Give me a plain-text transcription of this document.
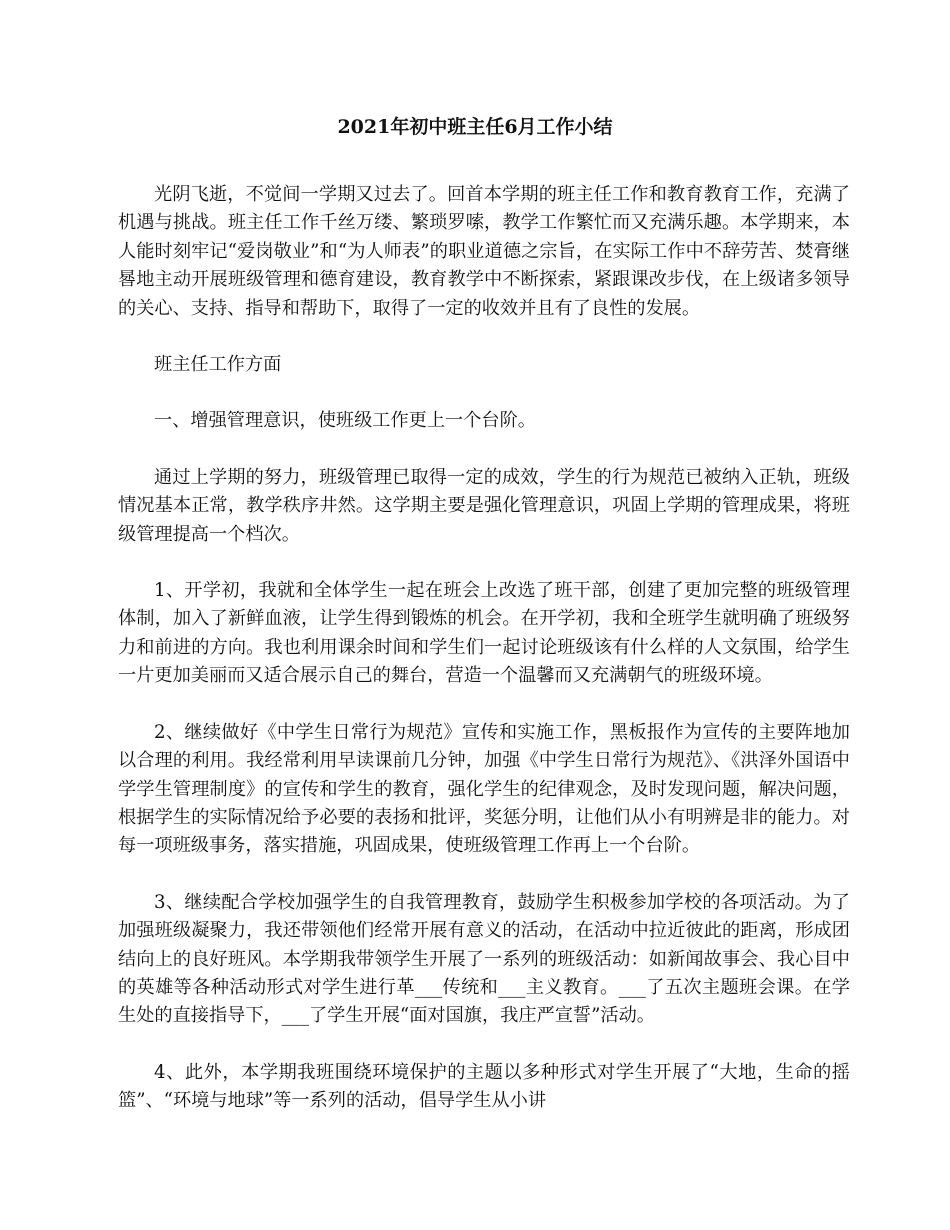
2021年初中班主任6月工作小结

光阴飞逝，不觉间一学期又过去了。回首本学期的班主任工作和教育教育工作，充满了机遇与挑战。班主任工作千丝万缕、繁琐罗嗦，教学工作繁忙而又充满乐趣。本学期来，本人能时刻牢记“爱岗敬业”和“为人师表”的职业道德之宗旨，在实际工作中不辞劳苦、焚膏继晷地主动开展班级管理和德育建设，教育教学中不断探索，紧跟课改步伐，在上级诸多领导的关心、支持、指导和帮助下，取得了一定的收效并且有了良性的发展。

班主任工作方面

一、增强管理意识，使班级工作更上一个台阶。

通过上学期的努力，班级管理已取得一定的成效，学生的行为规范已被纳入正轨，班级情况基本正常，教学秩序井然。这学期主要是强化管理意识，巩固上学期的管理成果，将班级管理提高一个档次。

1、开学初，我就和全体学生一起在班会上改选了班干部，创建了更加完整的班级管理体制，加入了新鲜血液，让学生得到锻炼的机会。在开学初，我和全班学生就明确了班级努力和前进的方向。我也利用课余时间和学生们一起讨论班级该有什么样的人文氛围，给学生一片更加美丽而又适合展示自己的舞台，营造一个温馨而又充满朝气的班级环境。

2、继续做好《中学生日常行为规范》宣传和实施工作，黑板报作为宣传的主要阵地加以合理的利用。我经常利用早读课前几分钟，加强《中学生日常行为规范》、《洪泽外国语中学学生管理制度》的宣传和学生的教育，强化学生的纪律观念，及时发现问题，解决问题，根据学生的实际情况给予必要的表扬和批评，奖惩分明，让他们从小有明辨是非的能力。对每一项班级事务，落实措施，巩固成果，使班级管理工作再上一个台阶。

3、继续配合学校加强学生的自我管理教育，鼓励学生积极参加学校的各项活动。为了加强班级凝聚力，我还带领他们经常开展有意义的活动，在活动中拉近彼此的距离，形成团结向上的良好班风。本学期我带领学生开展了一系列的班级活动：如新闻故事会、我心目中的英雄等各种活动形式对学生进行革___传统和___主义教育。___了五次主题班会课。在学生处的直接指导下，___了学生开展“面对国旗，我庄严宣誓”活动。

4、此外，本学期我班围绕环境保护的主题以多种形式对学生开展了“大地，生命的摇篮”、“环境与地球”等一系列的活动，倡导学生从小讲
